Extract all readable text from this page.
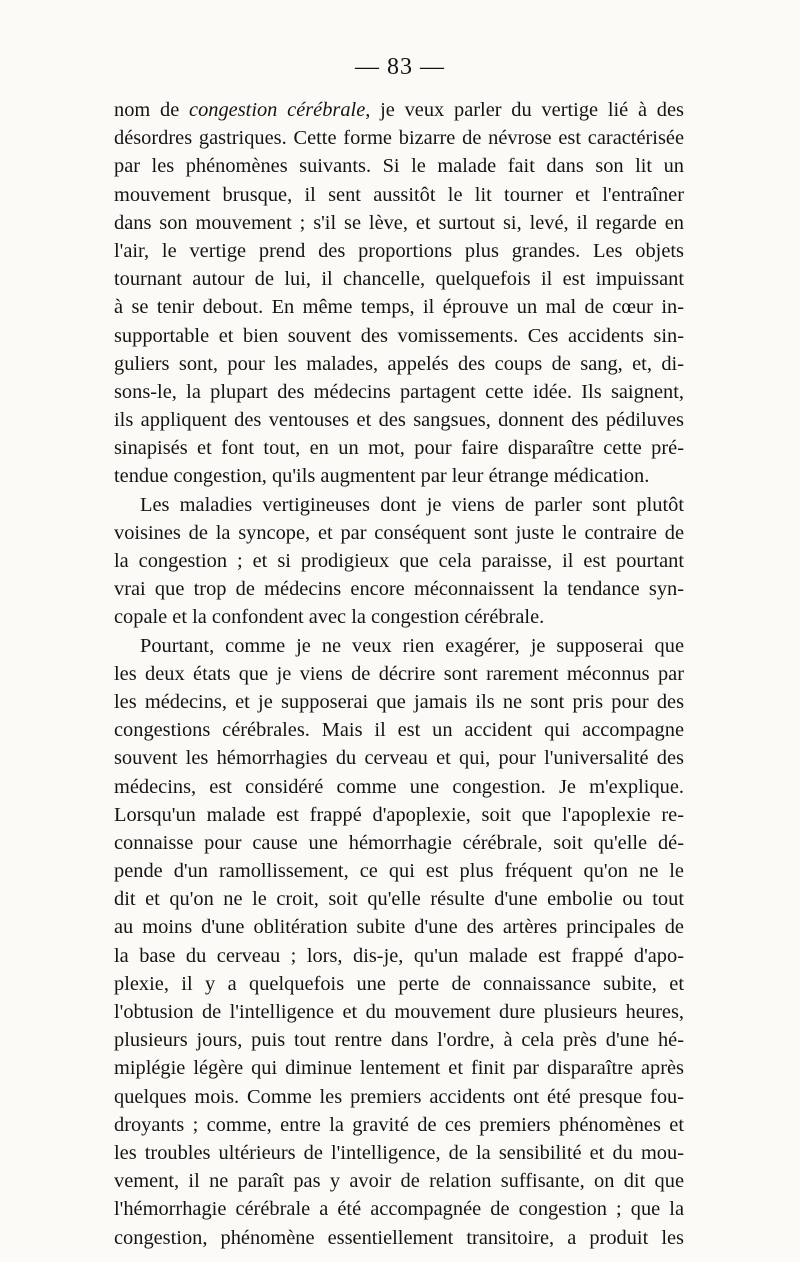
— 83 —
nom de congestion cérébrale, je veux parler du vertige lié à des
désordres gastriques. Cette forme bizarre de névrose est caractérisée
par les phénomènes suivants. Si le malade fait dans son lit un
mouvement brusque, il sent aussitôt le lit tourner et l'entraîner
dans son mouvement ; s'il se lève, et surtout si, levé, il regarde en
l'air, le vertige prend des proportions plus grandes. Les objets
tournant autour de lui, il chancelle, quelquefois il est impuissant
à se tenir debout. En même temps, il éprouve un mal de cœur in-
supportable et bien souvent des vomissements. Ces accidents sin-
guliers sont, pour les malades, appelés des coups de sang, et, di-
sons-le, la plupart des médecins partagent cette idée. Ils saignent,
ils appliquent des ventouses et des sangsues, donnent des pédiluves
sinapisés et font tout, en un mot, pour faire disparaître cette pré-
tendue congestion, qu'ils augmentent par leur étrange médication.
Les maladies vertigineuses dont je viens de parler sont plutôt
voisines de la syncope, et par conséquent sont juste le contraire de
la congestion ; et si prodigieux que cela paraisse, il est pourtant
vrai que trop de médecins encore méconnaissent la tendance syn-
copale et la confondent avec la congestion cérébrale.
Pourtant, comme je ne veux rien exagérer, je supposerai que
les deux états que je viens de décrire sont rarement méconnus par
les médecins, et je supposerai que jamais ils ne sont pris pour des
congestions cérébrales. Mais il est un accident qui accompagne
souvent les hémorrhagies du cerveau et qui, pour l'universalité des
médecins, est considéré comme une congestion. Je m'explique.
Lorsqu'un malade est frappé d'apoplexie, soit que l'apoplexie re-
connaisse pour cause une hémorrhagie cérébrale, soit qu'elle dé-
pende d'un ramollissement, ce qui est plus fréquent qu'on ne le
dit et qu'on ne le croit, soit qu'elle résulte d'une embolie ou tout
au moins d'une oblitération subite d'une des artères principales de
la base du cerveau ; lors, dis-je, qu'un malade est frappé d'apo-
plexie, il y a quelquefois une perte de connaissance subite, et
l'obtusion de l'intelligence et du mouvement dure plusieurs heures,
plusieurs jours, puis tout rentre dans l'ordre, à cela près d'une hé-
miplégie légère qui diminue lentement et finit par disparaître après
quelques mois. Comme les premiers accidents ont été presque fou-
droyants ; comme, entre la gravité de ces premiers phénomènes et
les troubles ultérieurs de l'intelligence, de la sensibilité et du mou-
vement, il ne paraît pas y avoir de relation suffisante, on dit que
l'hémorrhagie cérébrale a été accompagnée de congestion ; que la
congestion, phénomène essentiellement transitoire, a produit les
